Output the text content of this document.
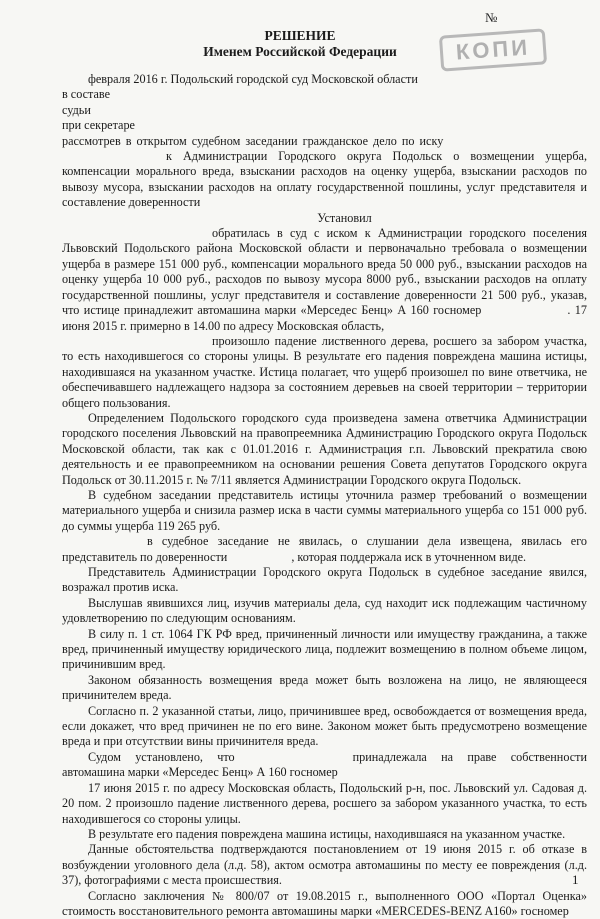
№
КОПИ
РЕШЕНИЕ
Именем Российской Федерации

февраля 2016 г. Подольский городской суд Московской области

в составе

судьи

при секретаре

рассмотрев в открытом судебном заседании гражданское дело по иску

к Администрации Городского округа Подольск о возмещении ущерба, компенсации морального вреда, взыскании расходов на оценку ущерба, взыскании расходов по вывозу мусора, взыскании расходов на оплату государственной пошлины, услуг представителя и составление доверенности

Установил

обратилась в суд с иском к Администрации городского поселения Львовский Подольского района Московской области и первоначально требовала о возмещении ущерба в размере 151 000 руб., компенсации морального вреда 50 000 руб., взыскании расходов на оценку ущерба 10 000 руб., расходов по вывозу мусора 8000 руб., взыскании расходов на оплату государственной пошлины, услуг представителя и составление доверенности 21 500 руб., указав, что истице принадлежит автомашина марки «Мерседес Бенц» А 160 госномер	. 17 июня 2015 г. примерно в 14.00 по адресу Московская область,

произошло падение лиственного дерева, росшего за забором участка, то есть находившегося со стороны улицы. В результате его падения повреждена машина истицы, находившаяся на указанном участке. Истица полагает, что ущерб произошел по вине ответчика, не обеспечивавшего надлежащего надзора за состоянием деревьев на своей территории – территории общего пользования.

Определением Подольского городского суда произведена замена ответчика Администрации городского поселения Львовский на правопреемника Администрацию Городского округа Подольск Московской области, так как с 01.01.2016 г. Администрация г.п. Львовский прекратила свою деятельность и ее правопреемником на основании решения Совета депутатов Городского округа Подольск от 30.11.2015 г. № 7/11 является Администрации Городского округа Подольск.

В судебном заседании представитель истицы уточнила размер требований о возмещении материального ущерба и снизила размер иска в части суммы материального ущерба со 151 000 руб. до суммы ущерба 119 265 руб.

в судебное заседание не явилась, о слушании дела извещена, явилась его представитель по доверенности	, которая поддержала иск в уточненном виде.

Представитель Администрации Городского округа Подольск в судебное заседание явился, возражал против иска.

Выслушав явившихся лиц, изучив материалы дела, суд находит иск подлежащим частичному удовлетворению по следующим основаниям.

В силу п. 1 ст. 1064 ГК РФ вред, причиненный личности или имуществу гражданина, а также вред, причиненный имуществу юридического лица, подлежит возмещению в полном объеме лицом, причинившим вред.

Законом обязанность возмещения вреда может быть возложена на лицо, не являющееся причинителем вреда.

Согласно п. 2 указанной статьи, лицо, причинившее вред, освобождается от возмещения вреда, если докажет, что вред причинен не по его вине. Законом может быть предусмотрено возмещение вреда и при отсутствии вины причинителя вреда.

Судом установлено, что	принадлежала на праве собственности автомашина марки «Мерседес Бенц» А 160 госномер

17 июня 2015 г. по адресу Московская область, Подольский р-н, пос. Львовский ул. Садовая д. 20 пом. 2 произошло падение лиственного дерева, росшего за забором указанного участка, то есть находившегося со стороны улицы.

В результате его падения повреждена машина истицы, находившаяся на указанном участке.

Данные обстоятельства подтверждаются постановлением от 19 июня 2015 г. об отказе в возбуждении уголовного дела (л.д. 58), актом осмотра автомашины по месту ее повреждения (л.д. 37), фотографиями с места происшествия.

Согласно заключения № 800/07 от 19.08.2015 г., выполненного ООО «Портал Оценка» стоимость восстановительного ремонта автомашины марки «MERCEDES-BENZ A160» госномер

1
